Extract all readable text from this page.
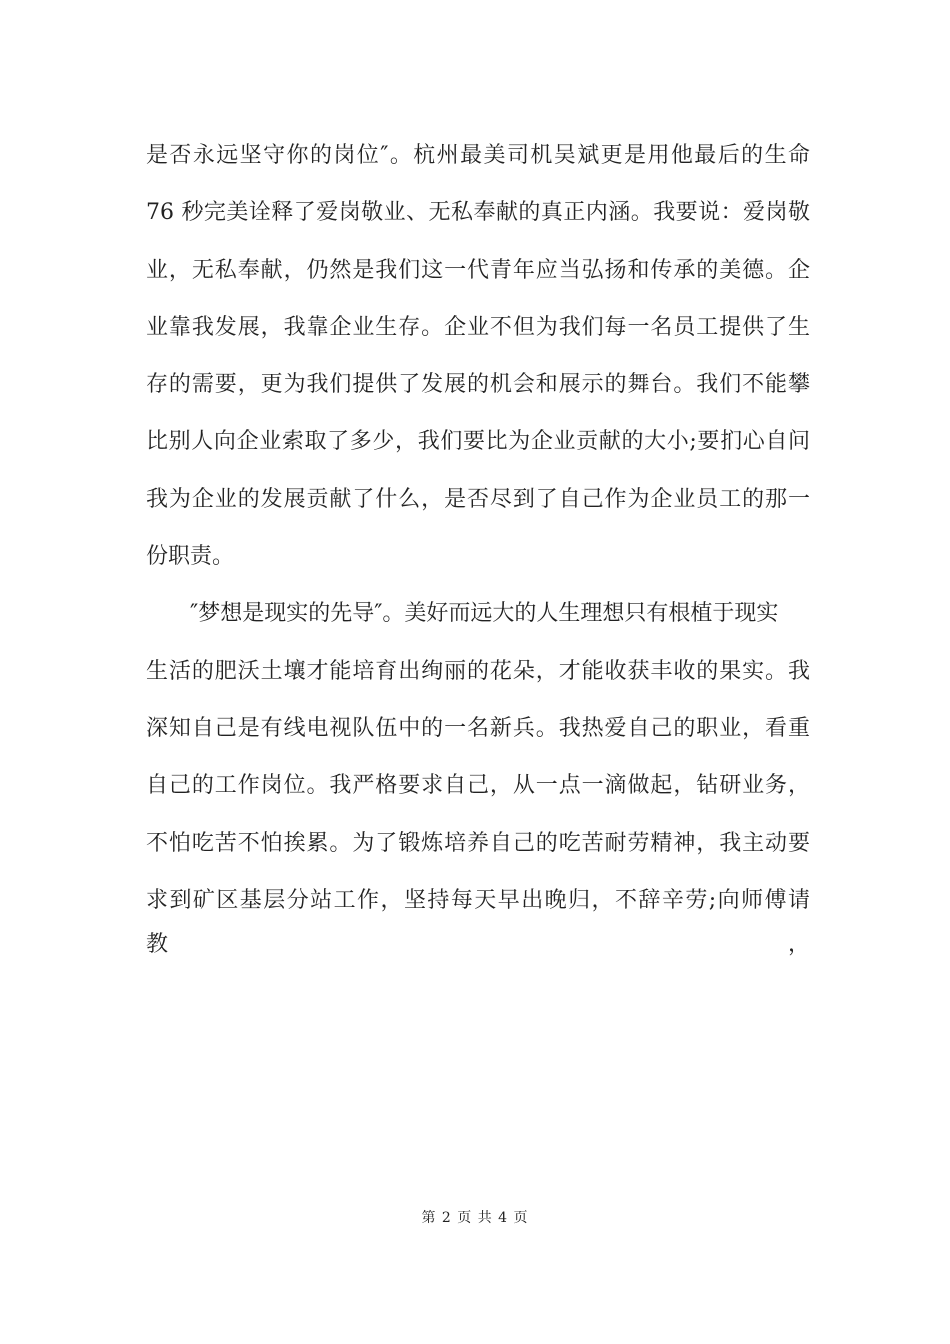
是否永远坚守你的岗位″。杭州最美司机吴斌更是用他最后的生命
76 秒完美诠释了爱岗敬业、无私奉献的真正内涵。我要说：爱岗敬
业，无私奉献，仍然是我们这一代青年应当弘扬和传承的美德。企
业靠我发展，我靠企业生存。企业不但为我们每一名员工提供了生
存的需要，更为我们提供了发展的机会和展示的舞台。我们不能攀
比别人向企业索取了多少，我们要比为企业贡献的大小;要扪心自问
我为企业的发展贡献了什么，是否尽到了自己作为企业员工的那一
份职责。
″梦想是现实的先导″。美好而远大的人生理想只有根植于现实
生活的肥沃土壤才能培育出绚丽的花朵，才能收获丰收的果实。我
深知自己是有线电视队伍中的一名新兵。我热爱自己的职业，看重
自己的工作岗位。我严格要求自己，从一点一滴做起，钻研业务，
不怕吃苦不怕挨累。为了锻炼培养自己的吃苦耐劳精神，我主动要
求到矿区基层分站工作，坚持每天早出晚归，不辞辛劳;向师傅请教，
第 2 页 共 4 页
